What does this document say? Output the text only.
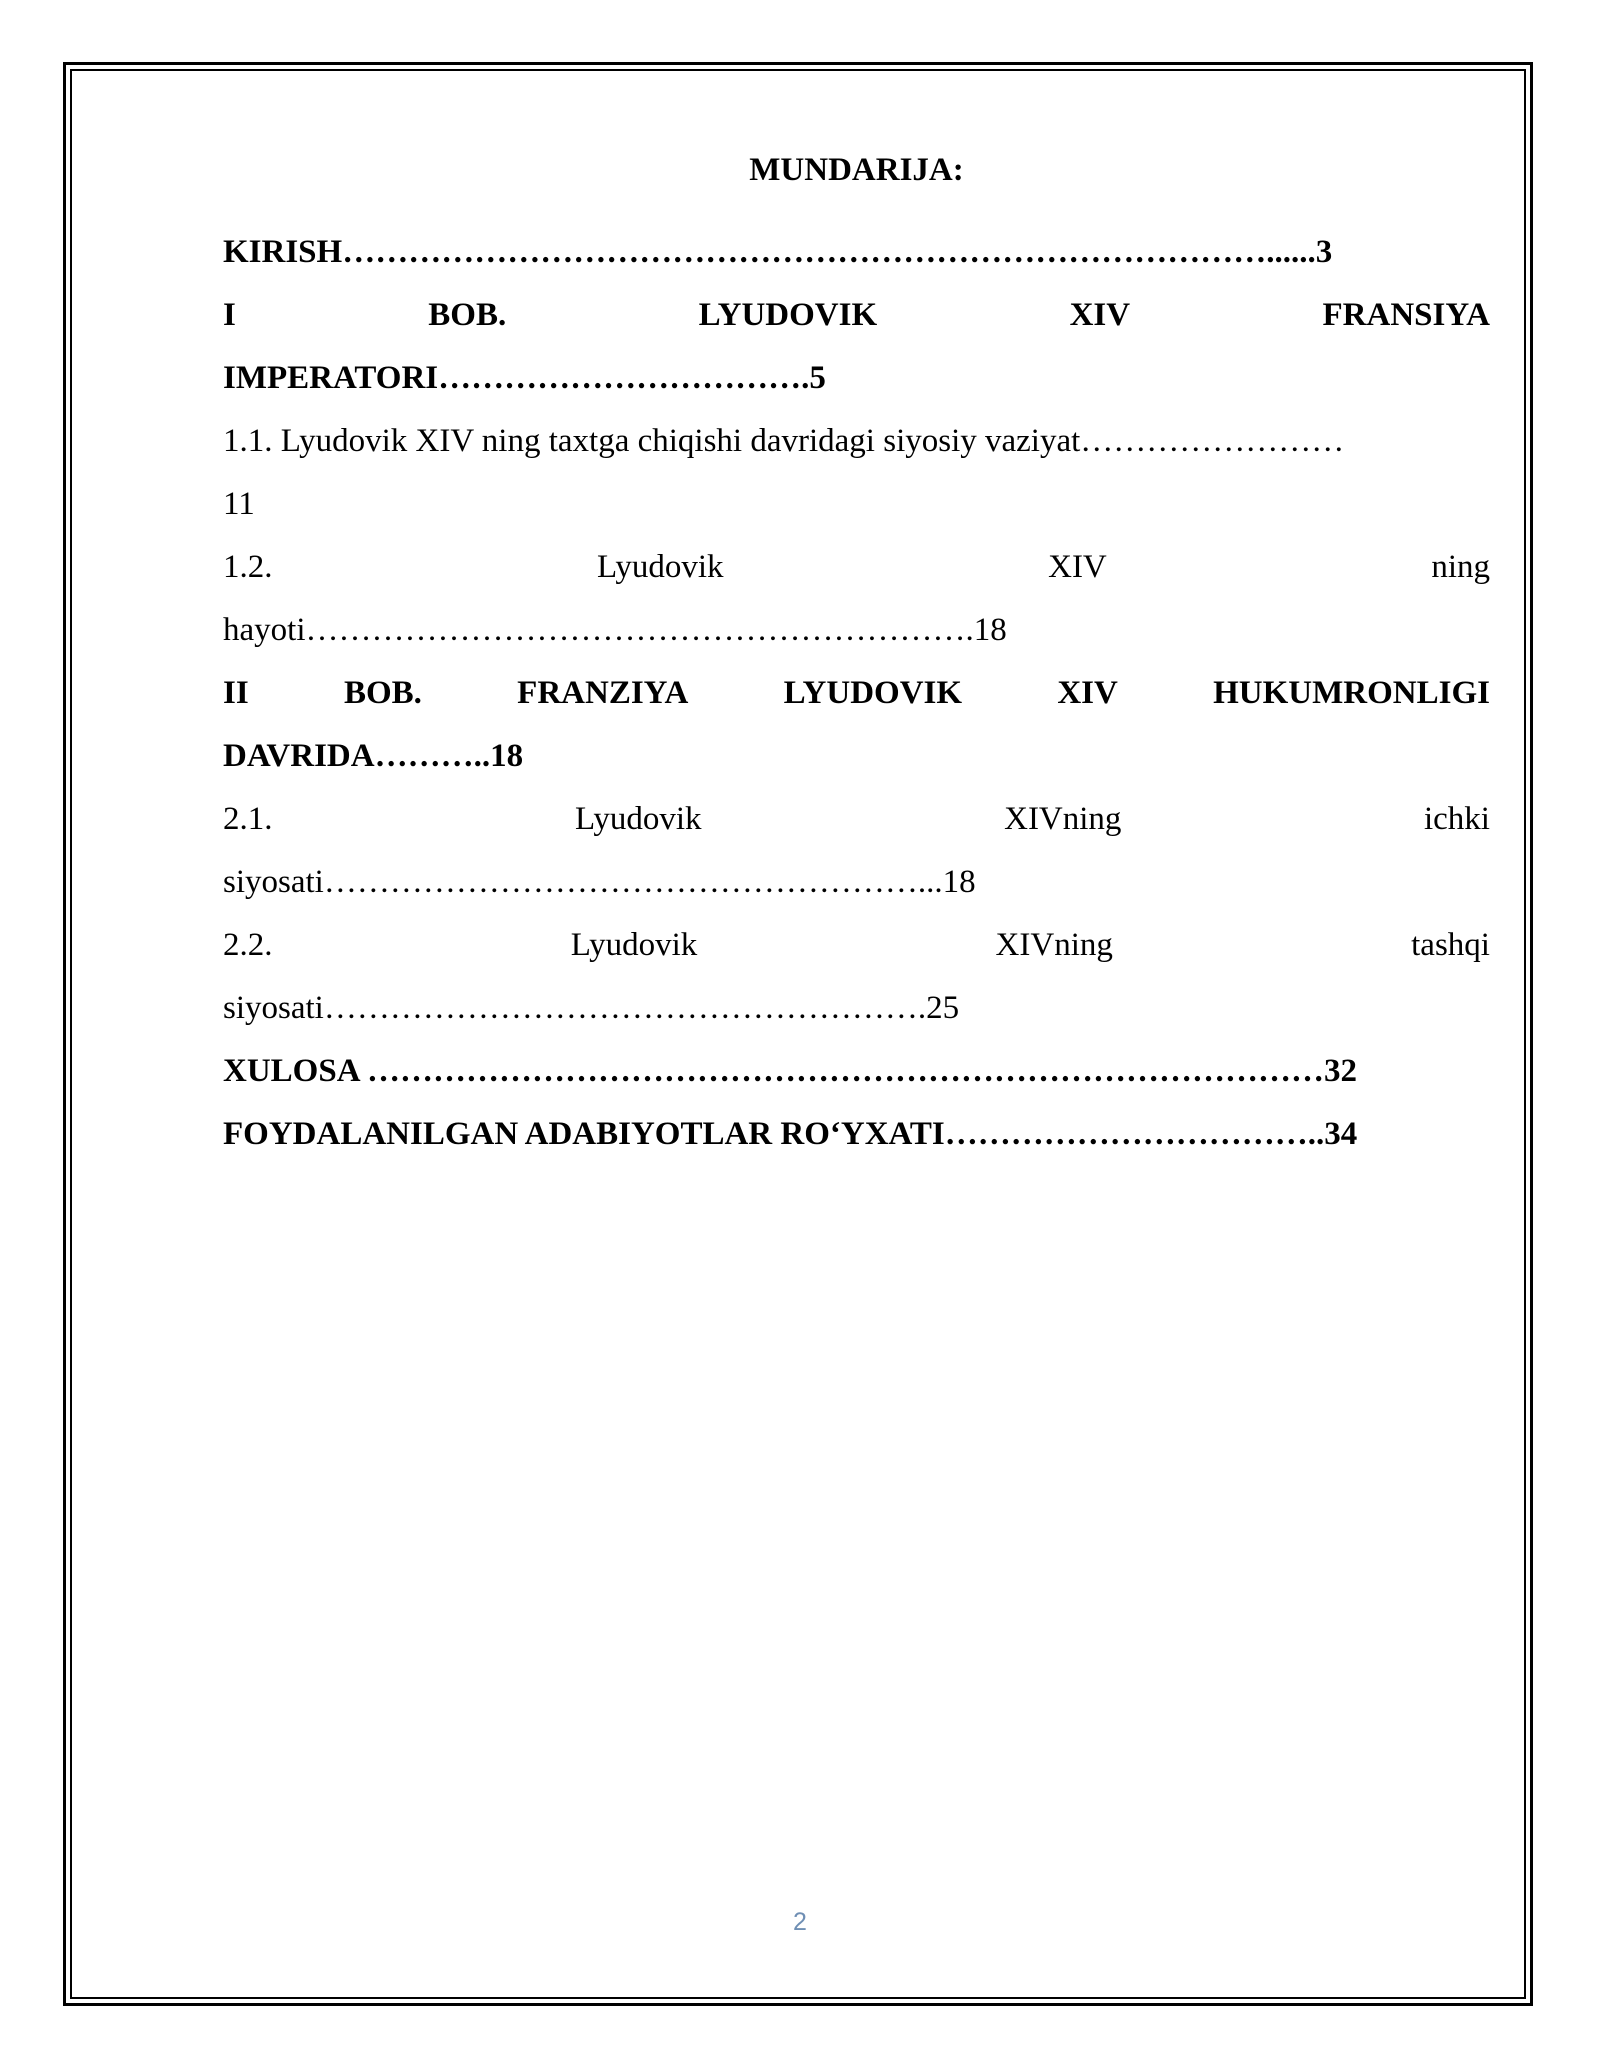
MUNDARIJA:
KIRISH…………………………………………………………………………......3
I	BOB.	LYUDOVIK	XIV	FRANSIYA
IMPERATORI…………………………….5
1.1. Lyudovik XIV ning taxtga chiqishi davridagi siyosiy vaziyat……………………
11
1.2.	Lyudovik	XIV	ning
hayoti…………………………………………………….18
II	BOB.	FRANZIYA	LYUDOVIK	XIV	HUKUMRONLIGI
DAVRIDA………..18
2.1.	Lyudovik	XIVning	ichki
siyosati………………………………………………...18
2.2.	Lyudovik	XIVning	tashqi
siyosati……………………………………………….25
XULOSA ……………………………………………………………………………32
FOYDALANILGAN ADABIYOTLAR RO‘YXATI……………………………..34
2
